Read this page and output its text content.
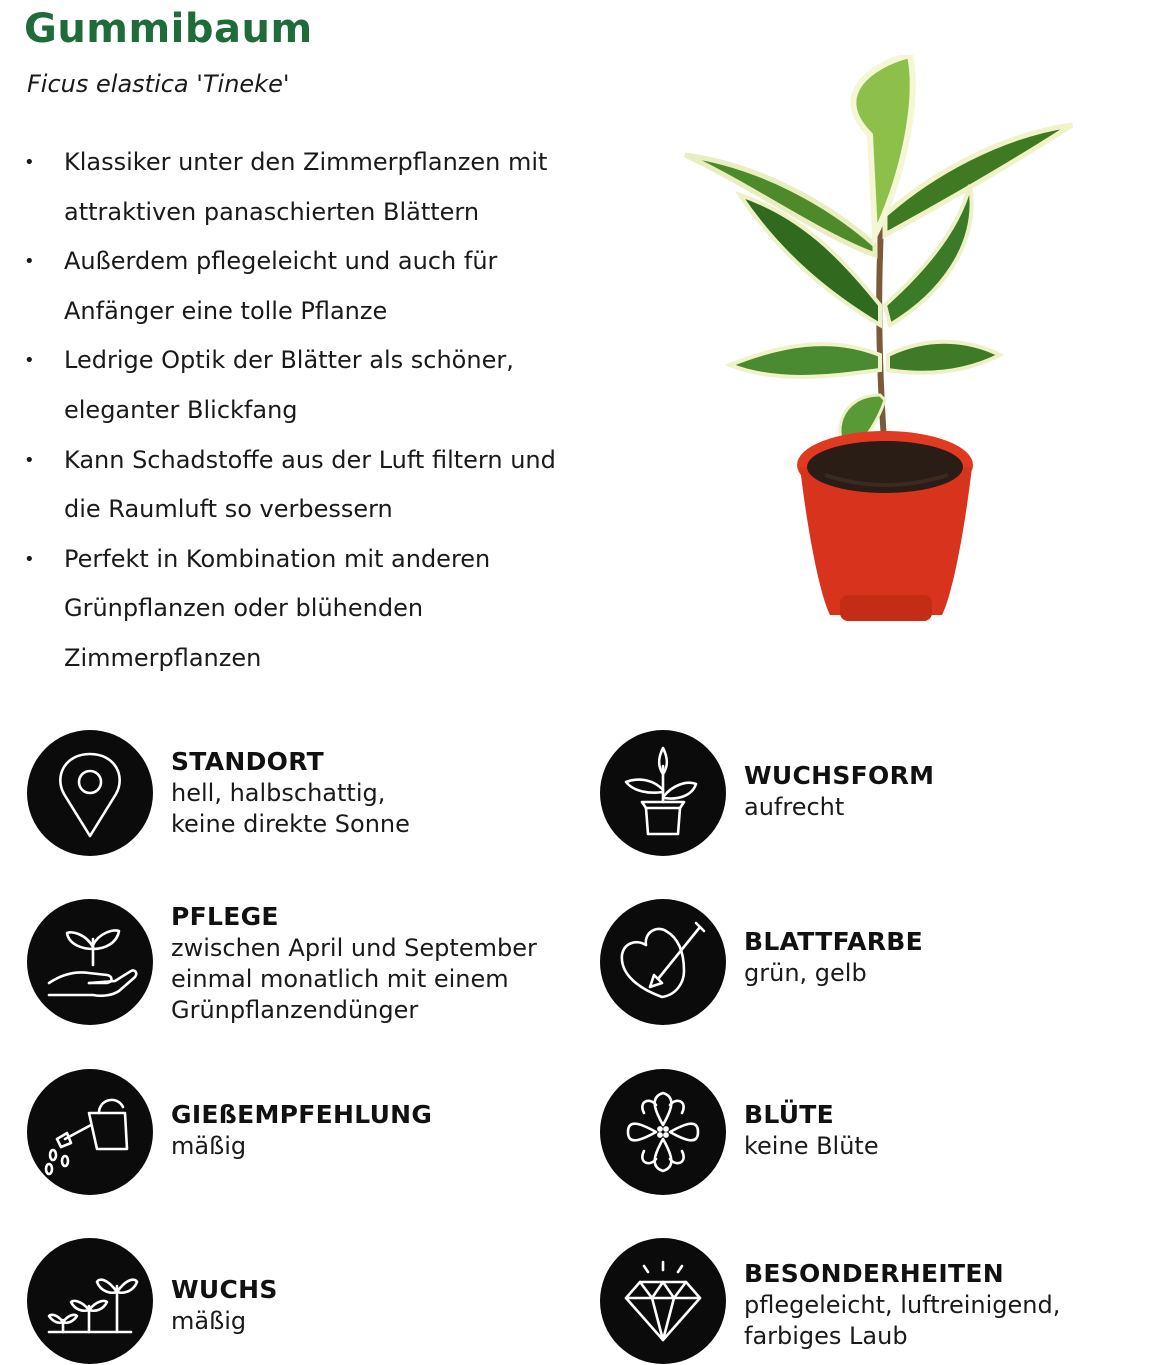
Gummibaum
Ficus elastica 'Tineke'
• Klassiker unter den Zimmerpflanzen mit attraktiven panaschierten Blättern
• Außerdem pflegeleicht und auch für Anfänger eine tolle Pflanze
• Ledrige Optik der Blätter als schöner, eleganter Blickfang
• Kann Schadstoffe aus der Luft filtern und die Raumluft so verbessern
• Perfekt in Kombination mit anderen Grünpflanzen oder blühenden Zimmerpflanzen
STANDORT
hell, halbschattig,
keine direkte Sonne
WUCHSFORM
aufrecht
PFLEGE
zwischen April und September
einmal monatlich mit einem
Grünpflanzendünger
BLATTFARBE
grün, gelb
GIEßEMPFEHLUNG
mäßig
BLÜTE
keine Blüte
WUCHS
mäßig
BESONDERHEITEN
pflegeleicht, luftreinigend,
farbiges Laub
